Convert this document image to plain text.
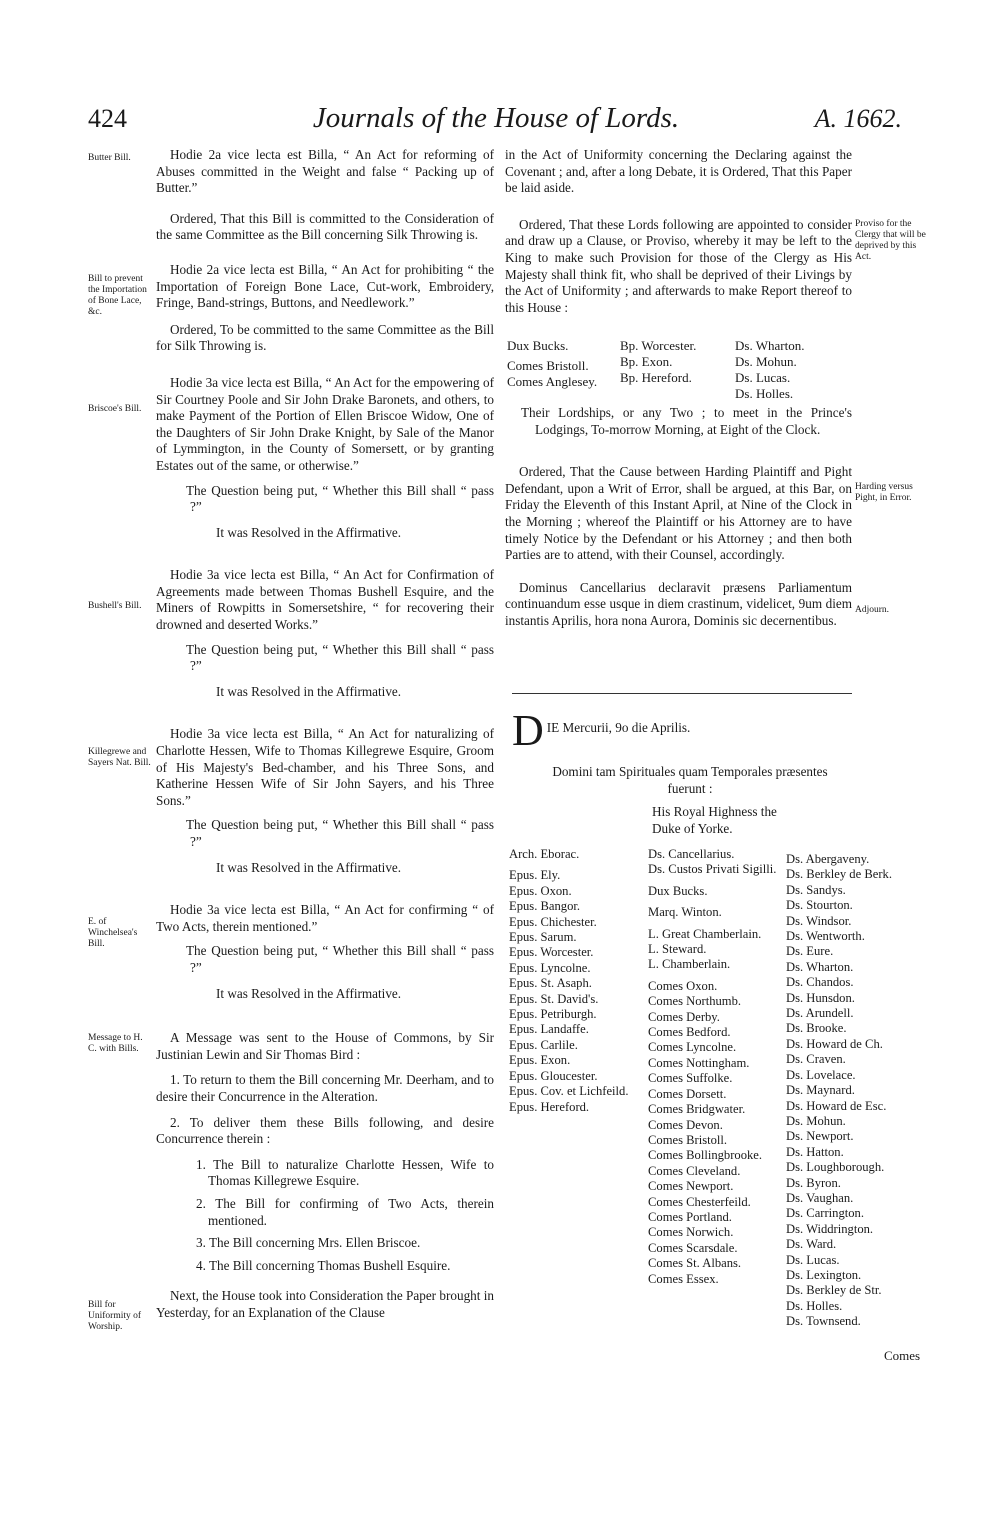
424	Journals of the House of Lords.	A. 1662.
Butter Bill.
Bill to prevent the Importation of Bone Lace, &c.
Briscoe's Bill.
Bushell's Bill.
Killegrewe and Sayers Nat. Bill.
E. of Winchelsea's Bill.
Message to H. C. with Bills.
Bill for Uniformity of Worship.
Proviso for the Clergy that will be deprived by this Act.
Harding versus Pight, in Error.
Adjourn.

Hodie 2a vice lecta est Billa, “ An Act for reforming of Abuses committed in the Weight and false “ Packing up of Butter.”

Ordered, That this Bill is committed to the Consideration of the same Committee as the Bill concerning Silk Throwing is.

Hodie 2a vice lecta est Billa, “ An Act for prohibiting “ the Importation of Foreign Bone Lace, Cut-work, Embroidery, Fringe, Band-strings, Buttons, and Needlework.”

Ordered, To be committed to the same Committee as the Bill for Silk Throwing is.

Hodie 3a vice lecta est Billa, “ An Act for the empowering of Sir Courtney Poole and Sir John Drake Baronets, and others, to make Payment of the Portion of Ellen Briscoe Widow, One of the Daughters of Sir John Drake Knight, by Sale of the Manor of Lymmington, in the County of Somersett, or by granting Estates out of the same, or otherwise.”

The Question being put, “ Whether this Bill shall “ pass ?”

It was Resolved in the Affirmative.

Hodie 3a vice lecta est Billa, “ An Act for Confirmation of Agreements made between Thomas Bushell Esquire, and the Miners of Rowpitts in Somersetshire, “ for recovering their drowned and deserted Works.”

The Question being put, “ Whether this Bill shall “ pass ?”

It was Resolved in the Affirmative.

Hodie 3a vice lecta est Billa, “ An Act for naturalizing of Charlotte Hessen, Wife to Thomas Killegrewe Esquire, Groom of His Majesty's Bed-chamber, and his Three Sons, and Katherine Hessen Wife of Sir John Sayers, and his Three Sons.”

The Question being put, “ Whether this Bill shall “ pass ?”

It was Resolved in the Affirmative.

Hodie 3a vice lecta est Billa, “ An Act for confirming “ of Two Acts, therein mentioned.”

The Question being put, “ Whether this Bill shall “ pass ?”

It was Resolved in the Affirmative.

A Message was sent to the House of Commons, by Sir Justinian Lewin and Sir Thomas Bird :

1. To return to them the Bill concerning Mr. Deerham, and to desire their Concurrence in the Alteration.

2. To deliver them these Bills following, and desire Concurrence therein :

1. The Bill to naturalize Charlotte Hessen, Wife to Thomas Killegrewe Esquire.

2. The Bill for confirming of Two Acts, therein mentioned.

3. The Bill concerning Mrs. Ellen Briscoe.

4. The Bill concerning Thomas Bushell Esquire.

Next, the House took into Consideration the Paper brought in Yesterday, for an Explanation of the Clause

in the Act of Uniformity concerning the Declaring against the Covenant ; and, after a long Debate, it is Ordered, That this Paper be laid aside.

Ordered, That these Lords following are appointed to consider and draw up a Clause, or Proviso, whereby it may be left to the King to make such Provision for those of the Clergy as His Majesty shall think fit, who shall be deprived of their Livings by the Act of Uniformity ; and afterwards to make Report thereof to this House :

Dux Bucks.
Comes Bristoll.
Comes Anglesey.
Bp. Worcester.
Bp. Exon.
Bp. Hereford.
Ds. Wharton.
Ds. Mohun.
Ds. Lucas.
Ds. Holles.

Their Lordships, or any Two ; to meet in the Prince's Lodgings, To-morrow Morning, at Eight of the Clock.

Ordered, That the Cause between Harding Plaintiff and Pight Defendant, upon a Writ of Error, shall be argued, at this Bar, on Friday the Eleventh of this Instant April, at Nine of the Clock in the Morning ; whereof the Plaintiff or his Attorney are to have timely Notice by the Defendant or his Attorney ; and then both Parties are to attend, with their Counsel, accordingly.

Dominus Cancellarius declaravit præsens Parliamentum continuandum esse usque in diem crastinum, videlicet, 9um diem instantis Aprilis, hora nona Aurora, Dominis sic decernentibus.

D IE Mercurii, 9o die Aprilis.
Domini tam Spirituales quam Temporales præsentes fuerunt :
His Royal Highness the Duke of Yorke.
Arch. Eborac.
Epus. Ely.
Epus. Oxon.
Epus. Bangor.
Epus. Chichester.
Epus. Sarum.
Epus. Worcester.
Epus. Lyncolne.
Epus. St. Asaph.
Epus. St. David's.
Epus. Petriburgh.
Epus. Landaffe.
Epus. Carlile.
Epus. Exon.
Epus. Gloucester.
Epus. Cov. et Lichfeild.
Epus. Hereford.
Ds. Cancellarius.
Ds. Custos Privati Sigilli.
Dux Bucks.
Marq. Winton.
L. Great Chamberlain.
L. Steward.
L. Chamberlain.
Comes Oxon.
Comes Northumb.
Comes Derby.
Comes Bedford.
Comes Lyncolne.
Comes Nottingham.
Comes Suffolke.
Comes Dorsett.
Comes Bridgwater.
Comes Devon.
Comes Bristoll.
Comes Bollingbrooke.
Comes Cleveland.
Comes Newport.
Comes Chesterfeild.
Comes Portland.
Comes Norwich.
Comes Scarsdale.
Comes St. Albans.
Comes Essex.
Ds. Abergaveny.
Ds. Berkley de Berk.
Ds. Sandys.
Ds. Stourton.
Ds. Windsor.
Ds. Wentworth.
Ds. Eure.
Ds. Wharton.
Ds. Chandos.
Ds. Hunsdon.
Ds. Arundell.
Ds. Brooke.
Ds. Howard de Ch.
Ds. Craven.
Ds. Lovelace.
Ds. Maynard.
Ds. Howard de Esc.
Ds. Mohun.
Ds. Newport.
Ds. Hatton.
Ds. Loughborough.
Ds. Byron.
Ds. Vaughan.
Ds. Carrington.
Ds. Widdrington.
Ds. Ward.
Ds. Lucas.
Ds. Lexington.
Ds. Berkley de Str.
Ds. Holles.
Ds. Townsend.
Comes
